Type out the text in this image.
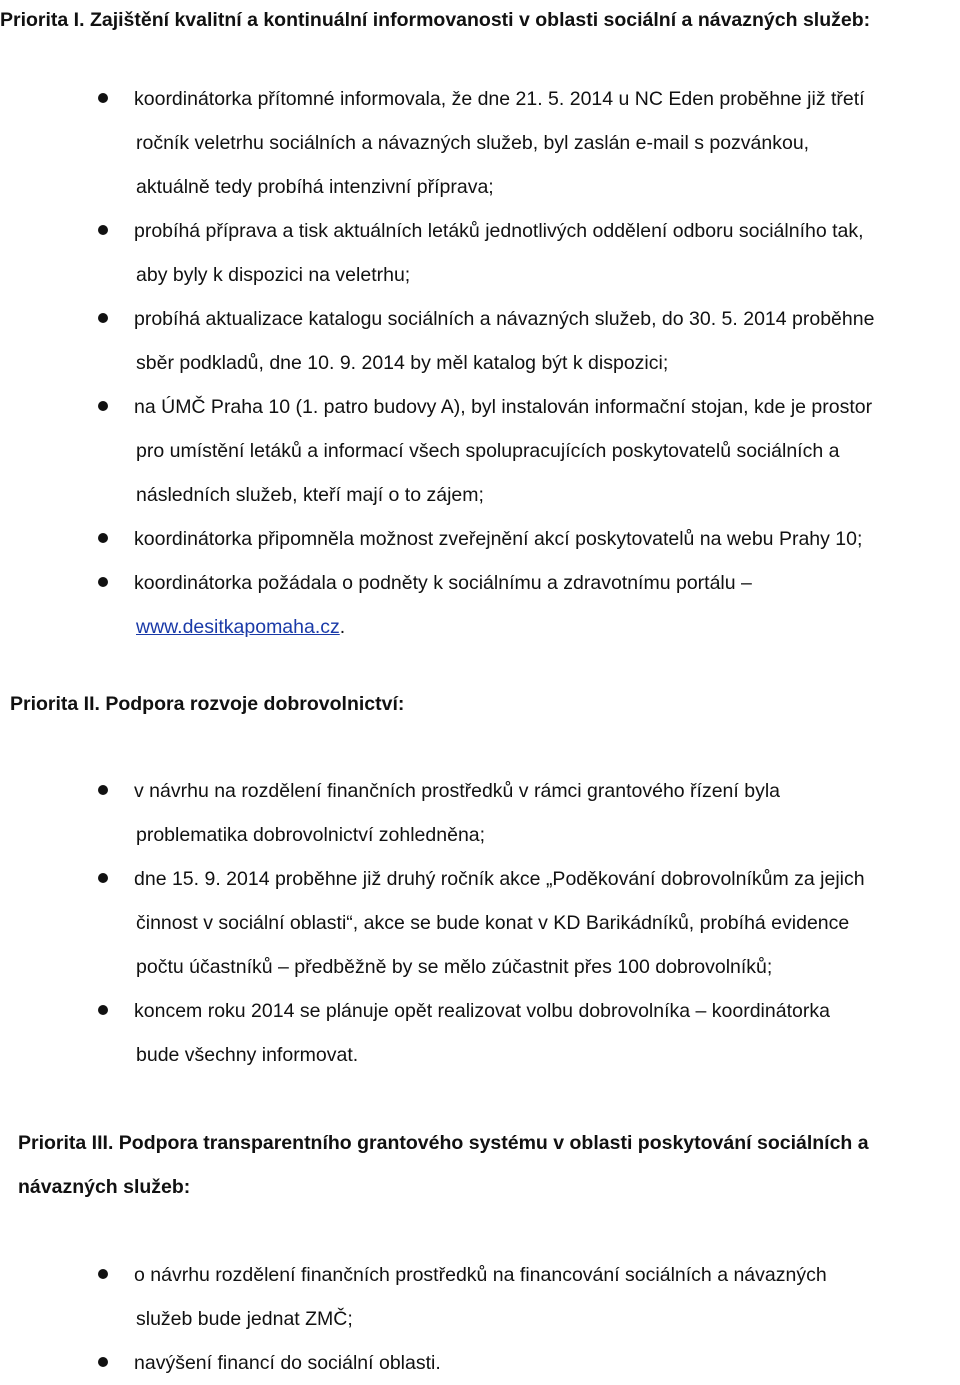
Priorita I. Zajištění kvalitní a kontinuální informovanosti v oblasti sociální a návazných služeb:
koordinátorka přítomné informovala, že dne 21. 5. 2014 u NC Eden proběhne již třetí
ročník veletrhu sociálních a návazných služeb, byl zaslán e-mail s pozvánkou,
aktuálně tedy probíhá intenzivní příprava;
probíhá příprava a tisk aktuálních letáků jednotlivých oddělení odboru sociálního tak,
aby byly k dispozici na veletrhu;
probíhá aktualizace katalogu sociálních a návazných služeb, do 30. 5. 2014 proběhne
sběr podkladů, dne 10. 9. 2014 by měl katalog být k dispozici;
na ÚMČ Praha 10 (1. patro budovy A), byl instalován informační stojan, kde je prostor
pro umístění letáků a informací všech spolupracujících poskytovatelů sociálních a
následních služeb, kteří mají o to zájem;
koordinátorka připomněla možnost zveřejnění akcí poskytovatelů na webu Prahy 10;
koordinátorka požádala o podněty k sociálnímu a zdravotnímu portálu –
www.desitkapomaha.cz.
Priorita II. Podpora rozvoje dobrovolnictví:
v návrhu na rozdělení finančních prostředků v rámci grantového řízení byla
problematika dobrovolnictví zohledněna;
dne 15. 9. 2014 proběhne již druhý ročník akce „Poděkování dobrovolníkům za jejich
činnost v sociální oblasti“, akce se bude konat v KD Barikádníků, probíhá evidence
počtu účastníků – předběžně by se mělo zúčastnit přes 100 dobrovolníků;
koncem roku 2014 se plánuje opět realizovat volbu dobrovolníka – koordinátorka
bude všechny informovat.
Priorita III. Podpora transparentního grantového systému v oblasti poskytování sociálních a
návazných služeb:
o návrhu rozdělení finančních prostředků na financování sociálních a návazných
služeb bude jednat ZMČ;
navýšení financí do sociální oblasti.
